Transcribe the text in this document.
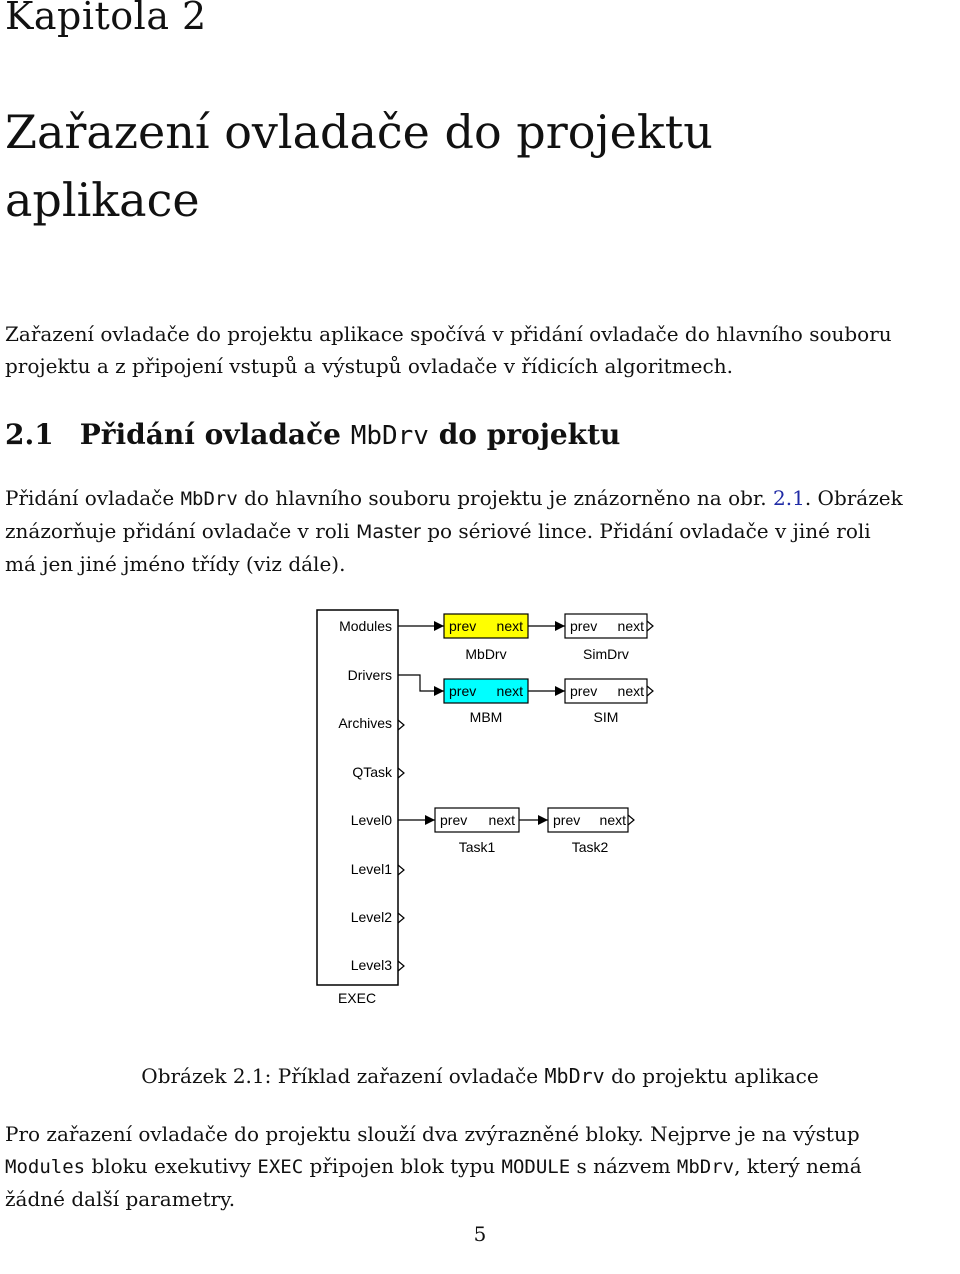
Kapitola 2
Zařazení ovladače do projektu
aplikace

Zařazení ovladače do projektu aplikace spočívá v přidání ovladače do hlavního souboru
projektu a z připojení vstupů a výstupů ovladače v řídicích algoritmech.

2.1 Přidání ovladače MbDrv do projektu

Přidání ovladače MbDrv do hlavního souboru projektu je znázorněno na obr. 2.1. Obrázek
znázorňuje přidání ovladače v roli Master po sériové lince. Přidání ovladače v jiné roli
má jen jiné jméno třídy (viz dále).

Modules
Drivers
Archives
QTask
Level0
Level1
Level2
Level3
EXEC
prev next
MbDrv
prev next
SimDrv
prev next
MBM
prev next
SIM
prev next
Task1
prev next
Task2

Obrázek 2.1: Příklad zařazení ovladače MbDrv do projektu aplikace

Pro zařazení ovladače do projektu slouží dva zvýrazněné bloky. Nejprve je na výstup
Modules bloku exekutivy EXEC připojen blok typu MODULE s názvem MbDrv, který nemá
žádné další parametry.

5
